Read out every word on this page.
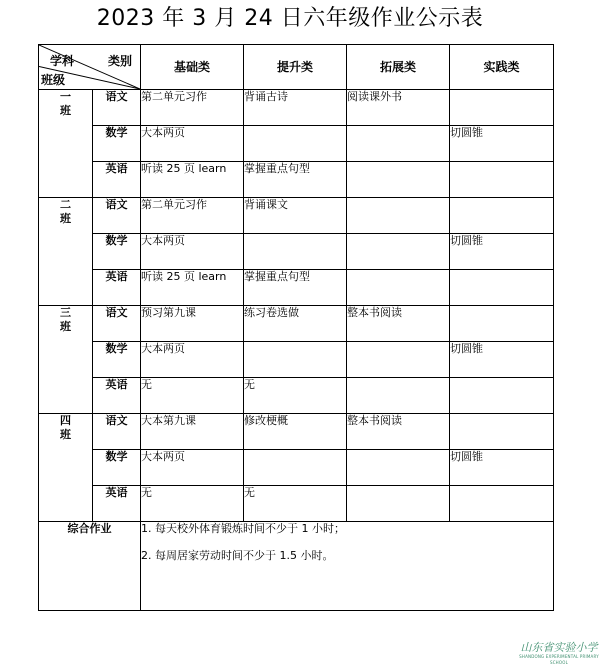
2023 年 3 月 24 日六年级作业公示表
学科 类别
班级		基础类	提升类	拓展类	实践类

一
班	语文	第二单元习作	背诵古诗	阅读课外书	
	数学	大本两页			切圆锥
	英语	听读 25 页 learn	掌握重点句型		

二
班	语文	第二单元习作	背诵课文		
	数学	大本两页			切圆锥
	英语	听读 25 页 learn	掌握重点句型		

三
班	语文	预习第九课	练习卷选做	整本书阅读	
	数学	大本两页			切圆锥
	英语	无	无		

四
班	语文	大本第九课	修改梗概	整本书阅读	
	数学	大本两页			切圆锥
	英语	无	无		
综合作业		1. 每天校外体育锻炼时间不少于 1 小时；
2. 每周居家劳动时间不少于 1.5 小时。			
山东省实验小学
SHANDONG EXPERIMENTAL PRIMARY SCHOOL
